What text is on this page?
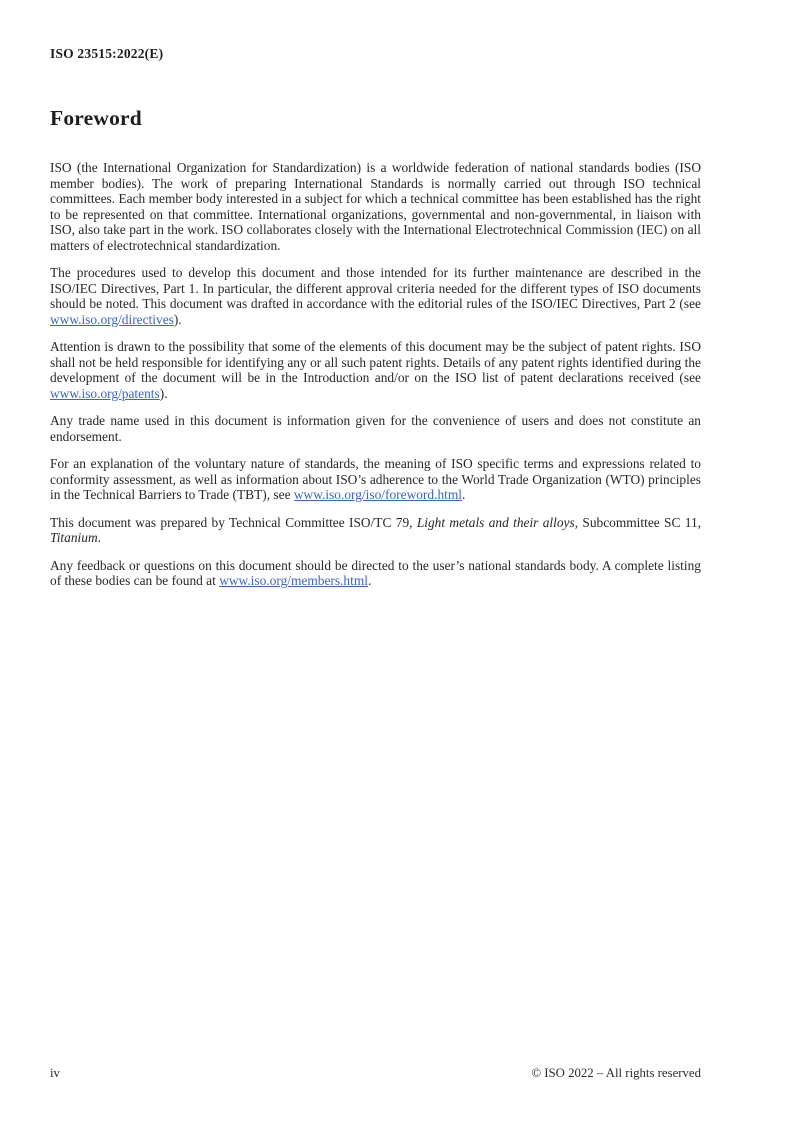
ISO 23515:2022(E)
Foreword

ISO (the International Organization for Standardization) is a worldwide federation of national standards bodies (ISO member bodies). The work of preparing International Standards is normally carried out through ISO technical committees. Each member body interested in a subject for which a technical committee has been established has the right to be represented on that committee. International organizations, governmental and non-governmental, in liaison with ISO, also take part in the work. ISO collaborates closely with the International Electrotechnical Commission (IEC) on all matters of electrotechnical standardization.

The procedures used to develop this document and those intended for its further maintenance are described in the ISO/IEC Directives, Part 1. In particular, the different approval criteria needed for the different types of ISO documents should be noted. This document was drafted in accordance with the editorial rules of the ISO/IEC Directives, Part 2 (see www.iso.org/directives).

Attention is drawn to the possibility that some of the elements of this document may be the subject of patent rights. ISO shall not be held responsible for identifying any or all such patent rights. Details of any patent rights identified during the development of the document will be in the Introduction and/or on the ISO list of patent declarations received (see www.iso.org/patents).

Any trade name used in this document is information given for the convenience of users and does not constitute an endorsement.

For an explanation of the voluntary nature of standards, the meaning of ISO specific terms and expressions related to conformity assessment, as well as information about ISO’s adherence to the World Trade Organization (WTO) principles in the Technical Barriers to Trade (TBT), see www.iso.org/iso/foreword.html.

This document was prepared by Technical Committee ISO/TC 79, Light metals and their alloys, Subcommittee SC 11, Titanium.

Any feedback or questions on this document should be directed to the user’s national standards body. A complete listing of these bodies can be found at www.iso.org/members.html.

iv	© ISO 2022 – All rights reserved
